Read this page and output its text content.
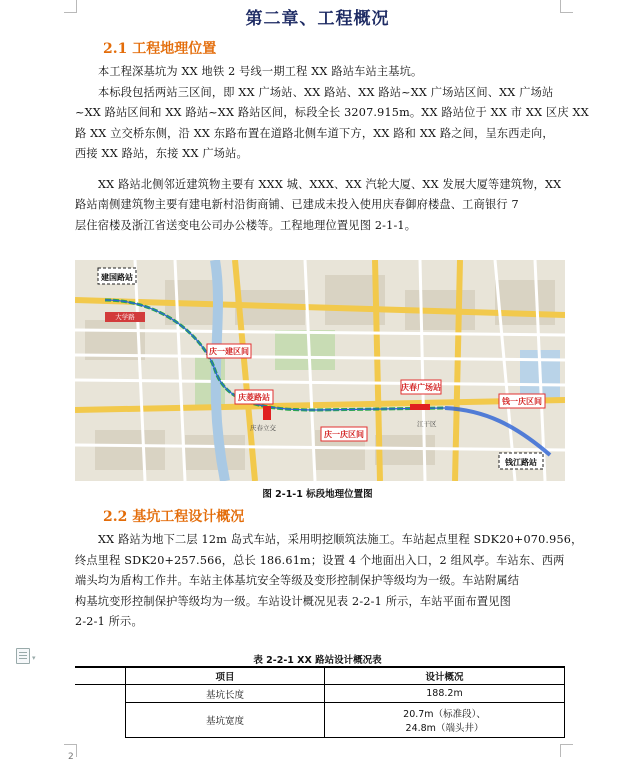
第二章、工程概况
2.1 工程地理位置
本工程深基坑为 XX 地铁 2 号线一期工程 XX 路站车站主基坑。
本标段包括两站三区间，即 XX 广场站、XX 路站、XX 路站~XX 广场站区间、XX 广场站
~XX 路站区间和 XX 路站~XX 路站区间，标段全长 3207.915m。XX 路站位于 XX 市 XX 区庆 XX
路 XX 立交桥东侧，沿 XX 东路布置在道路北侧车道下方，XX 路和 XX 路之间，呈东西走向，
西接 XX 路站，东接 XX 广场站。
XX 路站北侧邻近建筑物主要有 XXX 城、XXX、XX 汽轮大厦、XX 发展大厦等建筑物，XX
路站南侧建筑物主要有建电新村沿街商铺、已建成未投入使用庆春御府楼盘、工商银行 7
层住宿楼及浙江省送变电公司办公楼等。工程地理位置见图 2-1-1。
建国路站
钱江路站
庆一建区间
庆菱路站
庆一庆区间
庆春广场站
钱一庆区间
大学路
庆春立交	江干区
图 2-1-1 标段地理位置图
2.2 基坑工程设计概况
XX 路站为地下二层 12m 岛式车站，采用明挖顺筑法施工。车站起点里程 SDK20+070.956，
终点里程 SDK20+257.566，总长 186.61m；设置 4 个地面出入口，2 组风亭。车站东、西两
端头均为盾构工作井。车站主体基坑安全等级及变形控制保护等级均为一级。车站附属结
构基坑变形控制保护等级均为一级。车站设计概况见表 2-2-1 所示，车站平面布置见图
2-2-1 所示。
▾	表 2-2-1 XX 路站设计概况表
	项目	设计概况
	基坑长度	188.2m
	基坑宽度	20.7m（标准段）、
24.8m（端头井）
2
